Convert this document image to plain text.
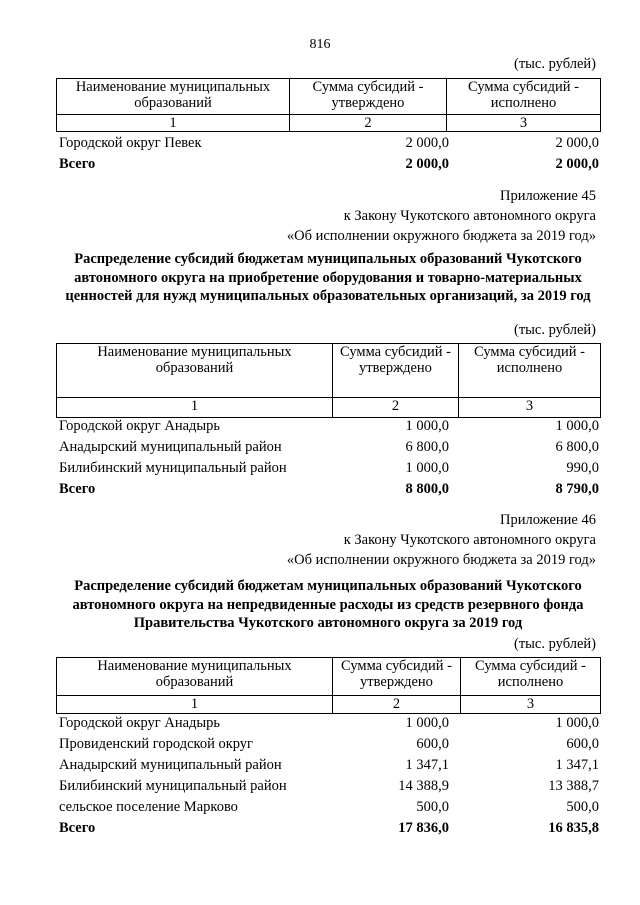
816
(тыс. рублей)
Наименование муниципальных образований	Сумма субсидий - утверждено	Сумма субсидий - исполнено
1	2	3
Городской округ Певек	2 000,0	2 000,0
Всего	2 000,0	2 000,0
Приложение 45
к Закону Чукотского автономного округа
«Об исполнении окружного бюджета за 2019 год»
Распределение субсидий бюджетам муниципальных образований Чукотского автономного округа на приобретение оборудования и товарно-материальных ценностей для нужд муниципальных образовательных организаций, за 2019 год
(тыс. рублей)
Наименование муниципальных образований	Сумма субсидий - утверждено	Сумма субсидий - исполнено
1	2	3
Городской округ Анадырь	1 000,0	1 000,0
Анадырский муниципальный район	6 800,0	6 800,0
Билибинский муниципальный район	1 000,0	990,0
Всего	8 800,0	8 790,0
Приложение 46
к Закону Чукотского автономного округа
«Об исполнении окружного бюджета за 2019 год»
Распределение субсидий бюджетам муниципальных образований Чукотского автономного округа на непредвиденные расходы из средств резервного фонда Правительства Чукотского автономного округа за 2019 год
(тыс. рублей)
Наименование муниципальных образований	Сумма субсидий - утверждено	Сумма субсидий - исполнено
1	2	3
Городской округ Анадырь	1 000,0	1 000,0
Провиденский городской округ	600,0	600,0
Анадырский муниципальный район	1 347,1	1 347,1
Билибинский муниципальный район	14 388,9	13 388,7
сельское поселение Марково	500,0	500,0
Всего	17 836,0	16 835,8
